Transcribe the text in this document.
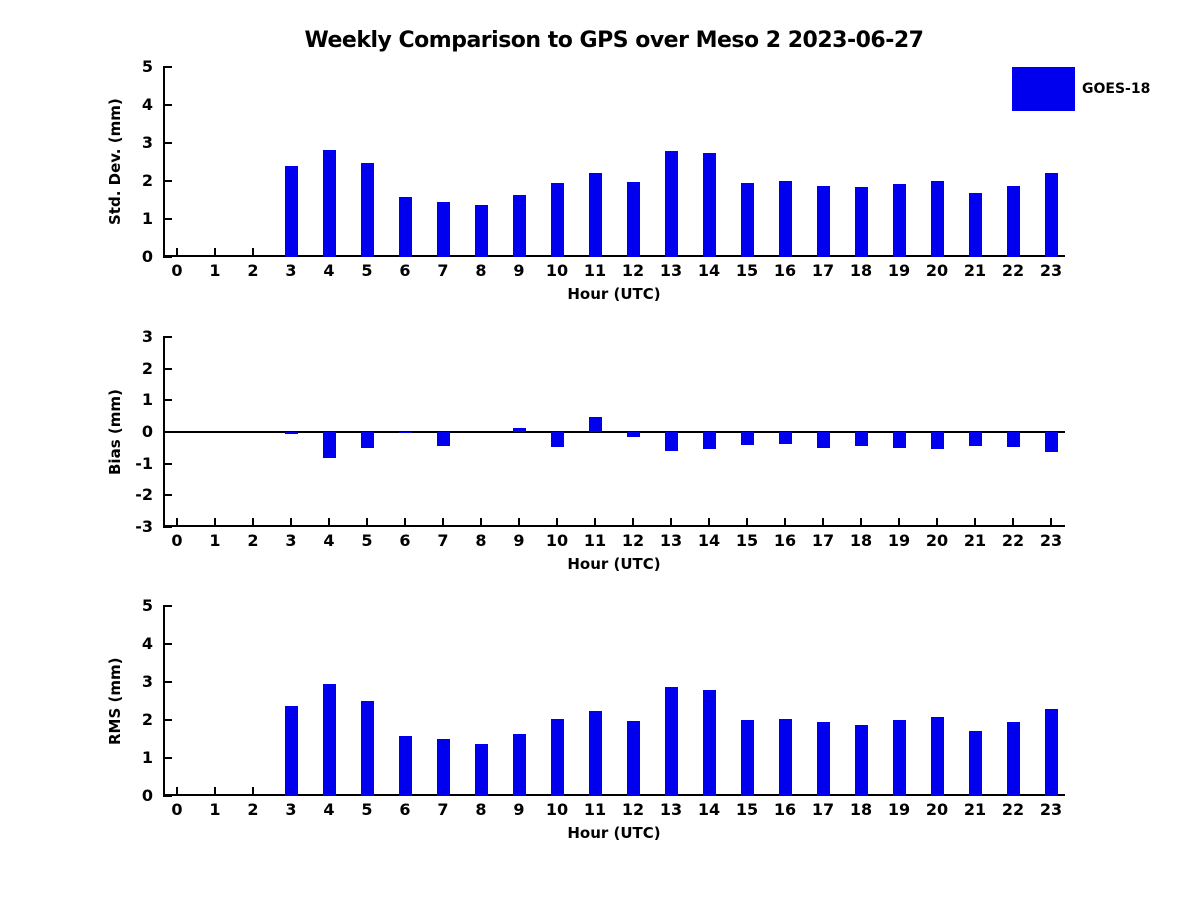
Weekly Comparison to GPS over Meso 2 2023-06-27
Std. Dev. (mm)
0
1
2
3
4
5
0	1	2	3	4	5	6	7	8	9	10 11 12 13 14 15 16 17 18 19 20 21 22 23
Hour (UTC)
GOES-18
Bias (mm)
3
2
1
0
-1
-2
-3
0	1	2	3	4	5	6	7	8	9	10 11 12 13 14 15 16 17 18 19 20 21 22 23
Hour (UTC)
RMS (mm)
0
1
2
3
4
5
0	1	2	3	4	5	6	7	8	9	10 11 12 13 14 15 16 17 18 19 20 21 22 23
Hour (UTC)
